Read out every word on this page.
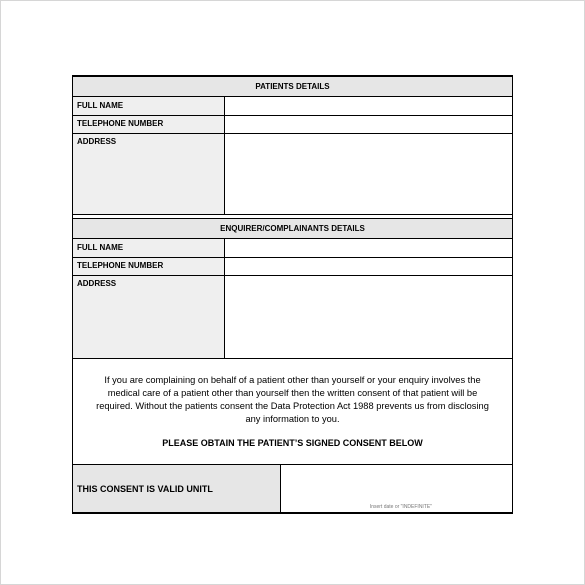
PATIENTS DETAILS
FULL NAME
TELEPHONE NUMBER
ADDRESS
ENQUIRER/COMPLAINANTS DETAILS
FULL NAME
TELEPHONE NUMBER
ADDRESS
If you are complaining on behalf of a patient other than yourself or your enquiry involves the
medical care of a patient other than yourself then the written consent of that patient will be
required. Without the patients consent the Data Protection Act 1988 prevents us from disclosing
any information to you.
PLEASE OBTAIN THE PATIENT’S SIGNED CONSENT BELOW
THIS CONSENT IS VALID UNITL
Insert date or "INDEFINITE"
